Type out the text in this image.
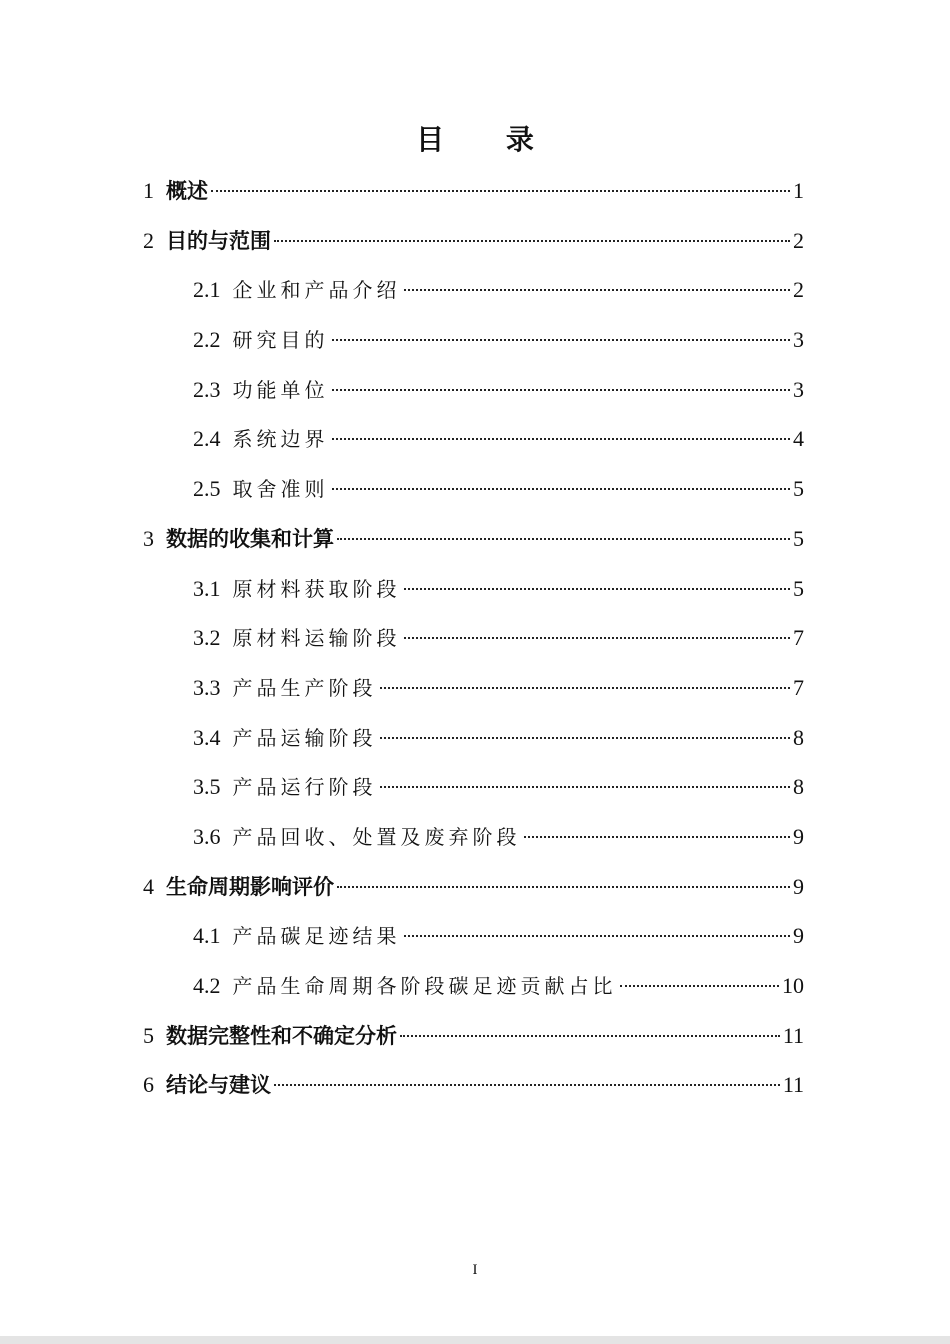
目 录
1 概述	1
2 目的与范围	2
2.1 企业和产品介绍	2
2.2 研究目的	3
2.3 功能单位	3
2.4 系统边界	4
2.5 取舍准则	5
3 数据的收集和计算	5
3.1 原材料获取阶段	5
3.2 原材料运输阶段	7
3.3 产品生产阶段	7
3.4 产品运输阶段	8
3.5 产品运行阶段	8
3.6 产品回收、处置及废弃阶段	9
4 生命周期影响评价	9
4.1 产品碳足迹结果	9
4.2 产品生命周期各阶段碳足迹贡献占比	10
5 数据完整性和不确定分析	11
6 结论与建议	11
I
